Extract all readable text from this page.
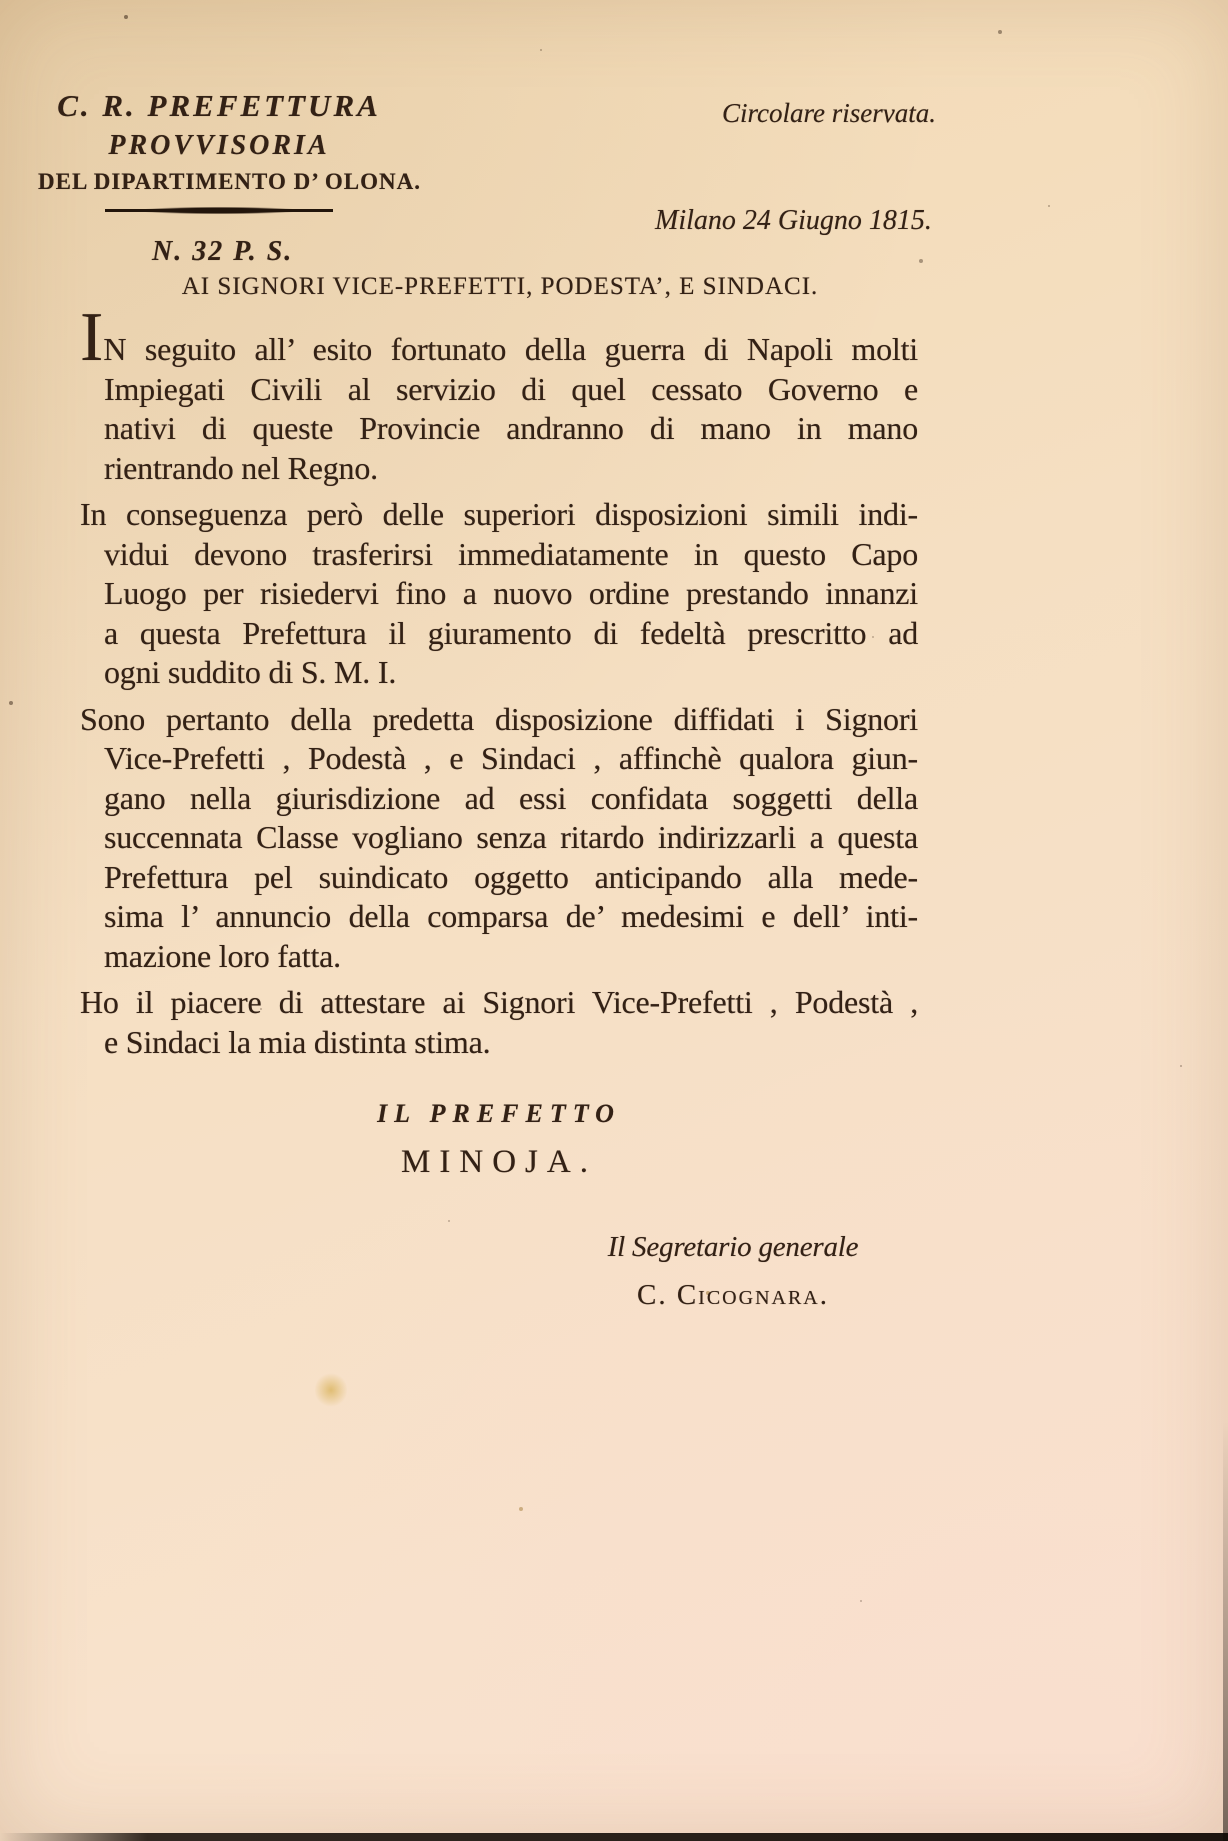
C. R. PREFETTURA
PROVVISORIA
DEL DIPARTIMENTO D’ OLONA.
Circolare riservata.
Milano 24 Giugno 1815.
N. 32 P. S.
AI SIGNORI VICE-PREFETTI, PODESTA’, E SINDACI.
IN seguito all’ esito fortunato della guerra di Napoli molti
Impiegati Civili al servizio di quel cessato Governo e
nativi di queste Provincie andranno di mano in mano
rientrando nel Regno.
In conseguenza però delle superiori disposizioni simili indi-
vidui devono trasferirsi immediatamente in questo Capo
Luogo per risiedervi fino a nuovo ordine prestando innanzi
a questa Prefettura il giuramento di fedeltà prescritto ad
ogni suddito di S. M. I.
Sono pertanto della predetta disposizione diffidati i Signori
Vice-Prefetti , Podestà , e Sindaci , affinchè qualora giun-
gano nella giurisdizione ad essi confidata soggetti della
succennata Classe vogliano senza ritardo indirizzarli a questa
Prefettura pel suindicato oggetto anticipando alla mede-
sima l’ annuncio della comparsa de’ medesimi e dell’ inti-
mazione loro fatta.
Ho il piacere di attestare ai Signori Vice-Prefetti , Podestà ,
e Sindaci la mia distinta stima.
IL PREFETTO
MINOJA.
Il Segretario generale
C. Cicognara.
